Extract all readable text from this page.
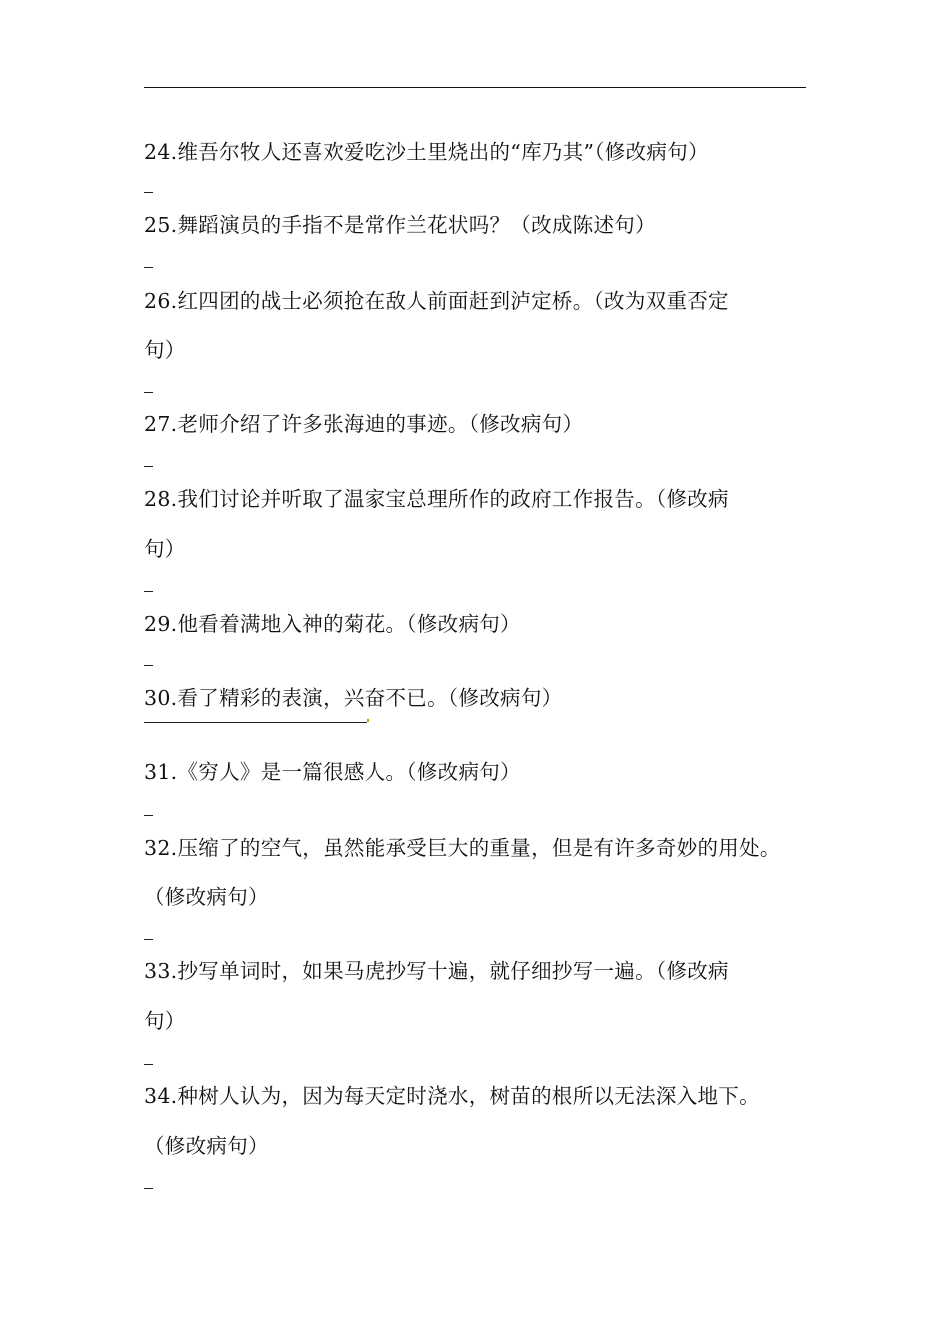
24.维吾尔牧人还喜欢爱吃沙土里烧出的“库乃其”（修改病句）
25.舞蹈演员的手指不是常作兰花状吗？（改成陈述句）
26.红四团的战士必须抢在敌人前面赶到泸定桥。（改为双重否定
句）
27.老师介绍了许多张海迪的事迹。（修改病句）
28.我们讨论并听取了温家宝总理所作的政府工作报告。（修改病
句）
29.他看着满地入神的菊花。（修改病句）
30.看了精彩的表演，兴奋不已。（修改病句）
31.《穷人》是一篇很感人。（修改病句）
32.压缩了的空气，虽然能承受巨大的重量，但是有许多奇妙的用处。
（修改病句）
33.抄写单词时，如果马虎抄写十遍，就仔细抄写一遍。（修改病
句）
34.种树人认为，因为每天定时浇水，树苗的根所以无法深入地下。
（修改病句）
